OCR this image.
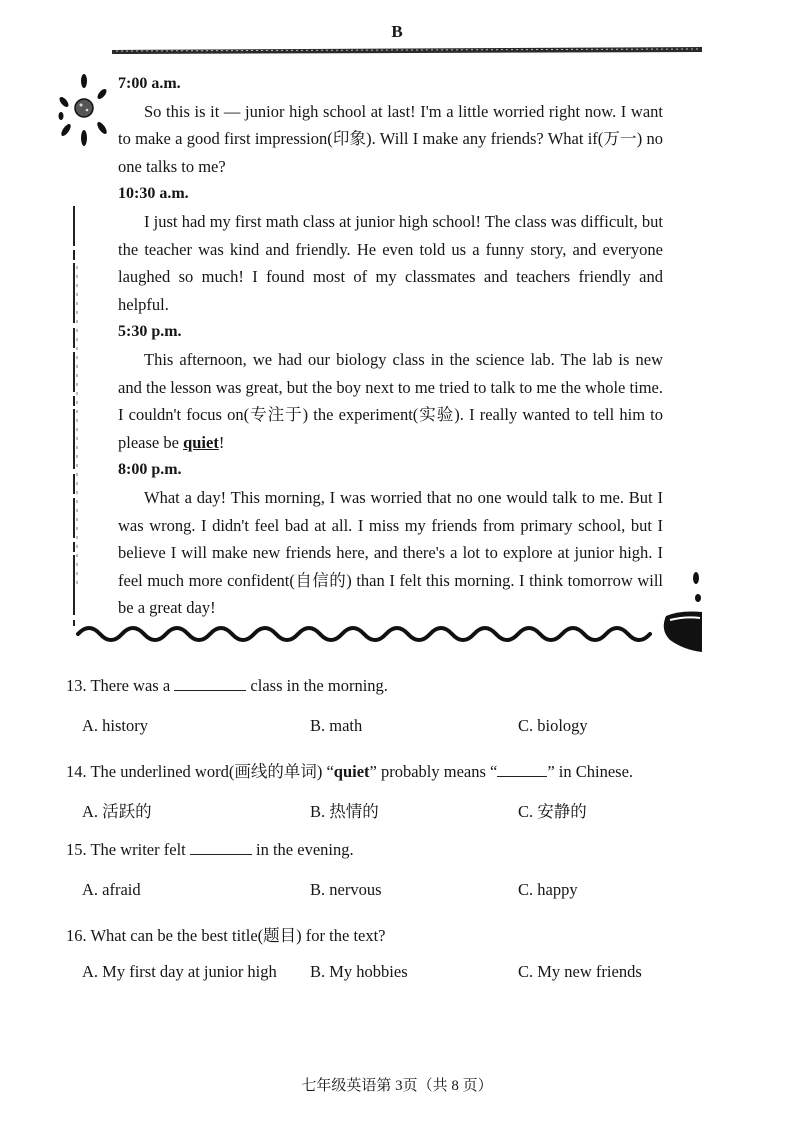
B
7:00 a.m.

So this is it — junior high school at last! I'm a little worried right now. I want to make a good first impression(印象). Will I make any friends? What if(万一) no one talks to me?

10:30 a.m.

I just had my first math class at junior high school! The class was difficult, but the teacher was kind and friendly. He even told us a funny story, and everyone laughed so much! I found most of my classmates and teachers friendly and helpful.

5:30 p.m.

This afternoon, we had our biology class in the science lab. The lab is new and the lesson was great, but the boy next to me tried to talk to me the whole time. I couldn't focus on(专注于) the experiment(实验). I really wanted to tell him to please be quiet!

8:00 p.m.

What a day! This morning, I was worried that no one would talk to me. But I was wrong. I didn't feel bad at all. I miss my friends from primary school, but I believe I will make new friends here, and there's a lot to explore at junior high. I feel much more confident(自信的) than I felt this morning. I think tomorrow will be a great day!

13. There was a	class in the morning.
A. history	B. math	C. biology
14. The underlined word(画线的单词) “quiet” probably means “	” in Chinese.
A. 活跃的	B. 热情的	C. 安静的
15. The writer felt	in the evening.
A. afraid	B. nervous	C. happy
16. What can be the best title(题目) for the text?
A. My first day at junior high B. My hobbies	C. My new friends
七年级英语第 3页（共 8 页）
